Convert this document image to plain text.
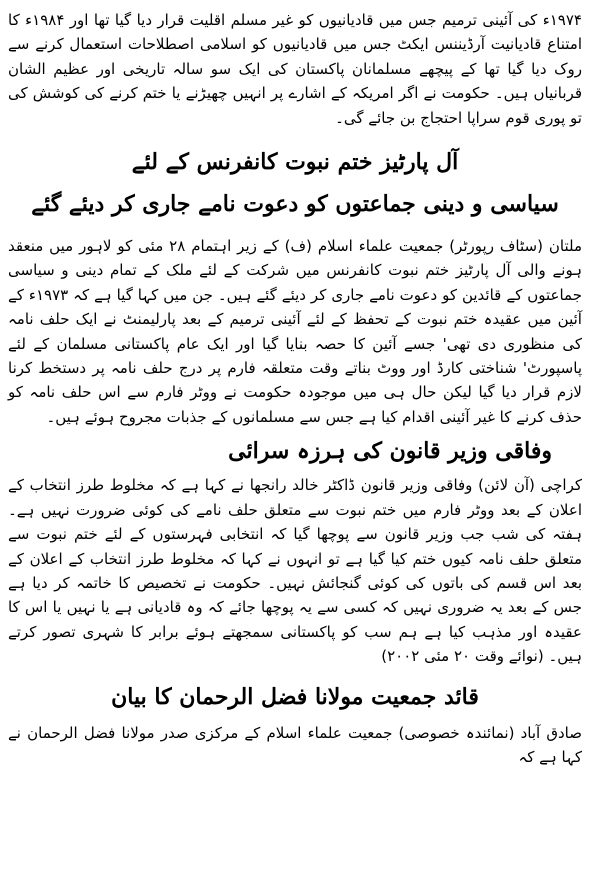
۱۹۷۴ء کی آئینی ترمیم جس میں قادیانیوں کو غیر مسلم اقلیت قرار دیا گیا تھا اور ۱۹۸۴ء کا امتناع قادیانیت آرڈیننس ایکٹ جس میں قادیانیوں کو اسلامی اصطلاحات استعمال کرنے سے روک دیا گیا تھا کے پیچھے مسلمانان پاکستان کی ایک سو سالہ تاریخی اور عظیم الشان قربانیاں ہیں۔ حکومت نے اگر امریکہ کے اشارے پر انہیں چھیڑنے یا ختم کرنے کی کوشش کی تو پوری قوم سراپا احتجاج بن جائے گی۔

آل پارٹیز ختم نبوت کانفرنس کے لئے
سیاسی و دینی جماعتوں کو دعوت نامے جاری کر دیئے گئے

ملتان (سٹاف رپورٹر) جمعیت علماء اسلام (ف) کے زیر اہتمام ۲۸ مئی کو لاہور میں منعقد ہونے والی آل پارٹیز ختم نبوت کانفرنس میں شرکت کے لئے ملک کے تمام دینی و سیاسی جماعتوں کے قائدین کو دعوت نامے جاری کر دیئے گئے ہیں۔ جن میں کہا گیا ہے کہ ۱۹۷۳ء کے آئین میں عقیدہ ختم نبوت کے تحفظ کے لئے آئینی ترمیم کے بعد پارلیمنٹ نے ایک حلف نامہ کی منظوری دی تھی' جسے آئین کا حصہ بنایا گیا اور ایک عام پاکستانی مسلمان کے لئے پاسپورٹ' شناختی کارڈ اور ووٹ بناتے وقت متعلقہ فارم پر درج حلف نامہ پر دستخط کرنا لازم قرار دیا گیا لیکن حال ہی میں موجودہ حکومت نے ووٹر فارم سے اس حلف نامہ کو حذف کرنے کا غیر آئینی اقدام کیا ہے جس سے مسلمانوں کے جذبات مجروح ہوئے ہیں۔

وفاقی وزیر قانون کی ہرزہ سرائی

کراچی (آن لائن) وفاقی وزیر قانون ڈاکٹر خالد رانجھا نے کہا ہے کہ مخلوط طرز انتخاب کے اعلان کے بعد ووٹر فارم میں ختم نبوت سے متعلق حلف نامے کی کوئی ضرورت نہیں ہے۔ ہفتہ کی شب جب وزیر قانون سے پوچھا گیا کہ انتخابی فہرستوں کے لئے ختم نبوت سے متعلق حلف نامہ کیوں ختم کیا گیا ہے تو انہوں نے کہا کہ مخلوط طرز انتخاب کے اعلان کے بعد اس قسم کی باتوں کی کوئی گنجائش نہیں۔ حکومت نے تخصیص کا خاتمہ کر دیا ہے جس کے بعد یہ ضروری نہیں کہ کسی سے یہ پوچھا جائے کہ وہ قادیانی ہے یا نہیں یا اس کا عقیدہ اور مذہب کیا ہے ہم سب کو پاکستانی سمجھتے ہوئے برابر کا شہری تصور کرتے ہیں۔ (نوائے وقت ۲۰ مئی ۲۰۰۲)

قائد جمعیت مولانا فضل الرحمان کا بیان

صادق آباد (نمائندہ خصوصی) جمعیت علماء اسلام کے مرکزی صدر مولانا فضل الرحمان نے کہا ہے کہ
